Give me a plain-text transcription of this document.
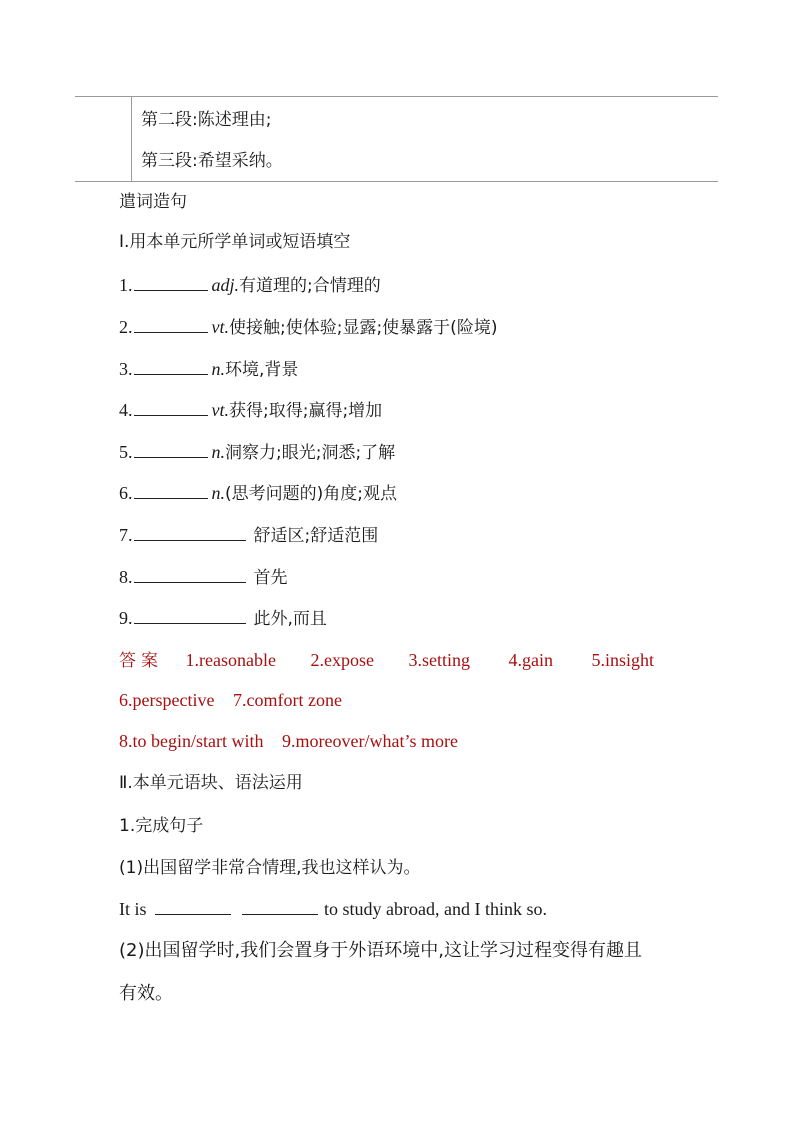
第二段:陈述理由;
第三段:希望采纳。
遣词造句
Ⅰ.用本单元所学单词或短语填空
1.	adj.有道理的;合情理的
2.	vt.使接触;使体验;显露;使暴露于(险境)
3.	n.环境,背景
4.	vt.获得;取得;赢得;增加
5.	n.洞察力;眼光;洞悉;了解
6.	n.(思考问题的)角度;观点
7.	舒适区;舒适范围
8.	首先
9.	此外,而且
答案 1.reasonable 2.expose 3.setting 4.gain 5.insight
6.perspective 7.comfort zone
8.to begin/start with 9.moreover/what’s more
Ⅱ.本单元语块、语法运用
1.完成句子
(1)出国留学非常合情理,我也这样认为。
It is	to study abroad, and I think so.
(2)出国留学时,我们会置身于外语环境中,这让学习过程变得有趣且
有效。
